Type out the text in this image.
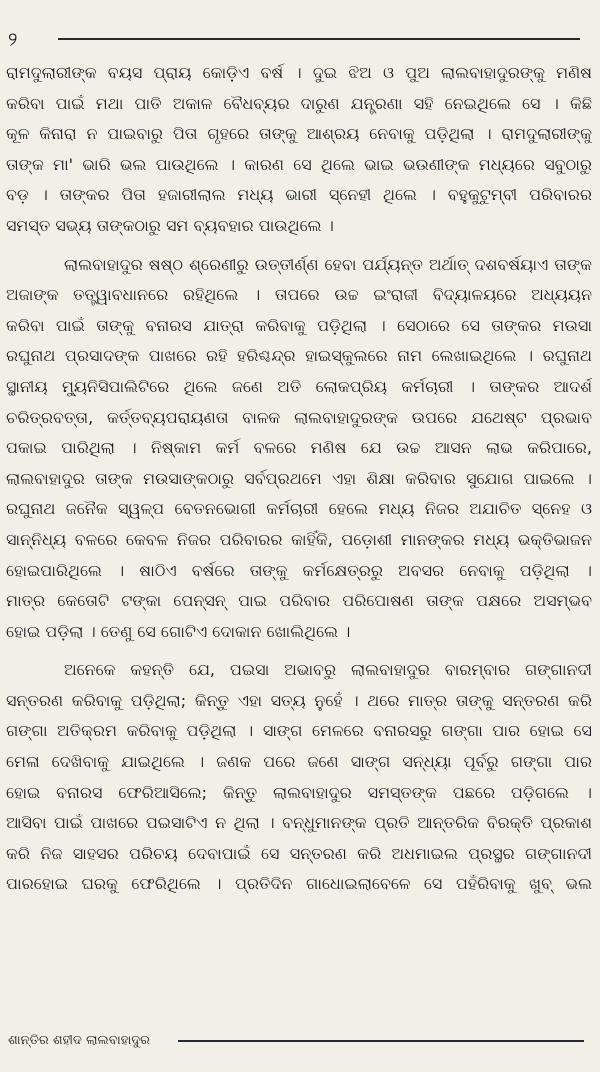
୨
ରାମଦୁଲାରୀଙ୍କ ବୟସ ପ୍ରାୟ କୋଡ଼ିଏ ବର୍ଷ । ଦୁଇ ଝିଅ ଓ ପୁଅ ଲାଲବାହାଦୁରଙ୍କୁ ମଣିଷ
କରିବା ପାଇଁ ମଥା ପାତି ଅକାଳ ବୈଧବ୍ୟର ଦାରୁଣ ଯନ୍ତ୍ରଣା ସହି ନେଇଥିଲେ ସେ । କିଛି
କୂଳ କିନାରା ନ ପାଇବାରୁ ପିତା ଗୃହରେ ତାଙ୍କୁ ଆଶ୍ରୟ ନେବାକୁ ପଡ଼ିଥିଲା । ରାମଦୁଲାରୀଙ୍କୁ
ତାଙ୍କ ମା' ଭାରି ଭଲ ପାଉଥିଲେ । କାରଣ ସେ ଥିଲେ ଭାଇ ଭଉଣୀଙ୍କ ମଧ୍ୟରେ ସବୁଠାରୁ
ବଡ଼ । ତାଙ୍କର ପିତା ହଜାରୀଲାଲ ମଧ୍ୟ ଭାରୀ ସ୍ନେହୀ ଥିଲେ । ବହୁକୁଟୁମ୍ବୀ ପରିବାରର
ସମସ୍ତ ସଭ୍ୟ ତାଙ୍କଠାରୁ ସମ ବ୍ୟବହାର ପାଉଥିଲେ ।
ଲାଲବାହାଦୁର ଷଷ୍ଠ ଶ୍ରେଣୀରୁ ଉତ୍ତୀର୍ଣ୍ଣ ହେବା ପର୍ଯ୍ୟନ୍ତ ଅର୍ଥାତ୍ ଦଶବର୍ଷୟାଏ ତାଙ୍କ
ଅଜାଙ୍କ ତତ୍ତ୍ୱାବଧାନରେ ରହିଥିଲେ । ତାପରେ ଉଚ୍ଚ ଇଂରାଜୀ ବିଦ୍ୟାଳୟରେ ଅଧ୍ୟୟନ
କରିବା ପାଇଁ ତାଙ୍କୁ ବନାରସ ଯାତ୍ରା କରିବାକୁ ପଡ଼ିଥିଲା । ସେଠାରେ ସେ ତାଙ୍କର ମଉସା
ରଘୁନାଥ ପ୍ରସାଦଙ୍କ ପାଖରେ ରହି ହରିଶ୍ଚନ୍ଦ୍ର ହାଇସ୍କୁଲରେ ନାମ ଲେଖାଇଥିଲେ । ରଘୁନାଥ
ସ୍ଥାନୀୟ ମ୍ୟୁନିସିପାଲିଟିରେ ଥିଲେ ଜଣେ ଅତି ଲୋକପ୍ରିୟ କର୍ମଚାରୀ । ତାଙ୍କର ଆଦର୍ଶ
ଚରିତ୍ରବତ୍ତା, କର୍ତ୍ତବ୍ୟପରାୟଣତା ବାଳକ ଲାଲବାହାଦୁରଙ୍କ ଉପରେ ଯଥେଷ୍ଟ ପ୍ରଭାବ
ପକାଇ ପାରିଥିଲା । ନିଷ୍କାମ କର୍ମ ବଳରେ ମଣିଷ ଯେ ଉଚ୍ଚ ଆସନ ଲାଭ କରିପାରେ,
ଲାଲବାହାଦୁର ତାଙ୍କ ମଉସାଙ୍କଠାରୁ ସର୍ବପ୍ରଥମେ ଏହା ଶିକ୍ଷା କରିବାର ସୁଯୋଗ ପାଇଲେ ।
ରଘୁନାଥ ଜନୈକ ସ୍ୱଳ୍ପ ବେତନଭୋଗୀ କର୍ମଚାରୀ ହେଲେ ମଧ୍ୟ ନିଜର ଅଯାଚିତ ସ୍ନେହ ଓ
ସାନ୍ନିଧ୍ୟ ବଳରେ କେବଳ ନିଜର ପରିବାରର କାହିଁକି, ପଡ଼ୋଶୀ ମାନଙ୍କର ମଧ୍ୟ ଭକ୍ତିଭାଜନ
ହୋଇପାରିଥିଲେ । ଷାଠିଏ ବର୍ଷରେ ତାଙ୍କୁ କର୍ମକ୍ଷେତ୍ରରୁ ଅବସର ନେବାକୁ ପଡ଼ିଥିଲା ।
ମାତ୍ର କେତୋଟି ଟଙ୍କା ପେନ୍‌ସନ୍ ପାଇ ପରିବାର ପରିପୋଷଣ ତାଙ୍କ ପକ୍ଷରେ ଅସମ୍ଭବ
ହୋଇ ପଡ଼ିଲା । ତେଣୁ ସେ ଗୋଟିଏ ଦୋକାନ ଖୋଲିଥିଲେ ।
ଅନେକେ କହନ୍ତି ଯେ, ପଇସା ଅଭାବରୁ ଲାଲବାହାଦୁର ବାରମ୍ବାର ଗଙ୍ଗାନଦୀ
ସନ୍ତରଣ କରିବାକୁ ପଡ଼ିଥିଲା; କିନ୍ତୁ ଏହା ସତ୍ୟ ନୁହେଁ । ଥରେ ମାତ୍ର ତାଙ୍କୁ ସନ୍ତରଣ କରି
ଗଙ୍ଗା ଅତିକ୍ରମ କରିବାକୁ ପଡ଼ିଥିଲା । ସାଙ୍ଗ ମେଳରେ ବନାରସରୁ ଗଙ୍ଗା ପାର ହୋଇ ସେ
ମେଳା ଦେଖିବାକୁ ଯାଇଥିଲେ । ଜଣକ ପରେ ଜଣେ ସାଙ୍ଗ ସନ୍ଧ୍ୟା ପୂର୍ବରୁ ଗଙ୍ଗା ପାର
ହୋଇ ବନାରସ ଫେରିଆସିଲେ; କିନ୍ତୁ ଲାଲବାହାଦୁର ସମସ୍ତଙ୍କ ପଛରେ ପଡ଼ିଗଲେ ।
ଆସିବା ପାଇଁ ପାଖରେ ପଇସାଟିଏ ନ ଥିଲା । ବନ୍ଧୁମାନଙ୍କ ପ୍ରତି ଆନ୍ତରିକ ବିରକ୍ତି ପ୍ରକାଶ
କରି ନିଜ ସାହସର ପରିଚୟ ଦେବାପାଇଁ ସେ ସନ୍ତରଣ କରି ଅଧମାଇଲ ପ୍ରସ୍ଥର ଗଙ୍ଗାନଦୀ
ପାରହୋଇ ଘରକୁ ଫେରିଥିଲେ । ପ୍ରତିଦିନ ଗାଧୋଇଲାବେଳେ ସେ ପହଁରିବାକୁ ଖୁବ୍ ଭଲ
ଶାନ୍ତିର ଶହୀଦ ଲାଲବାହାଦୁର
